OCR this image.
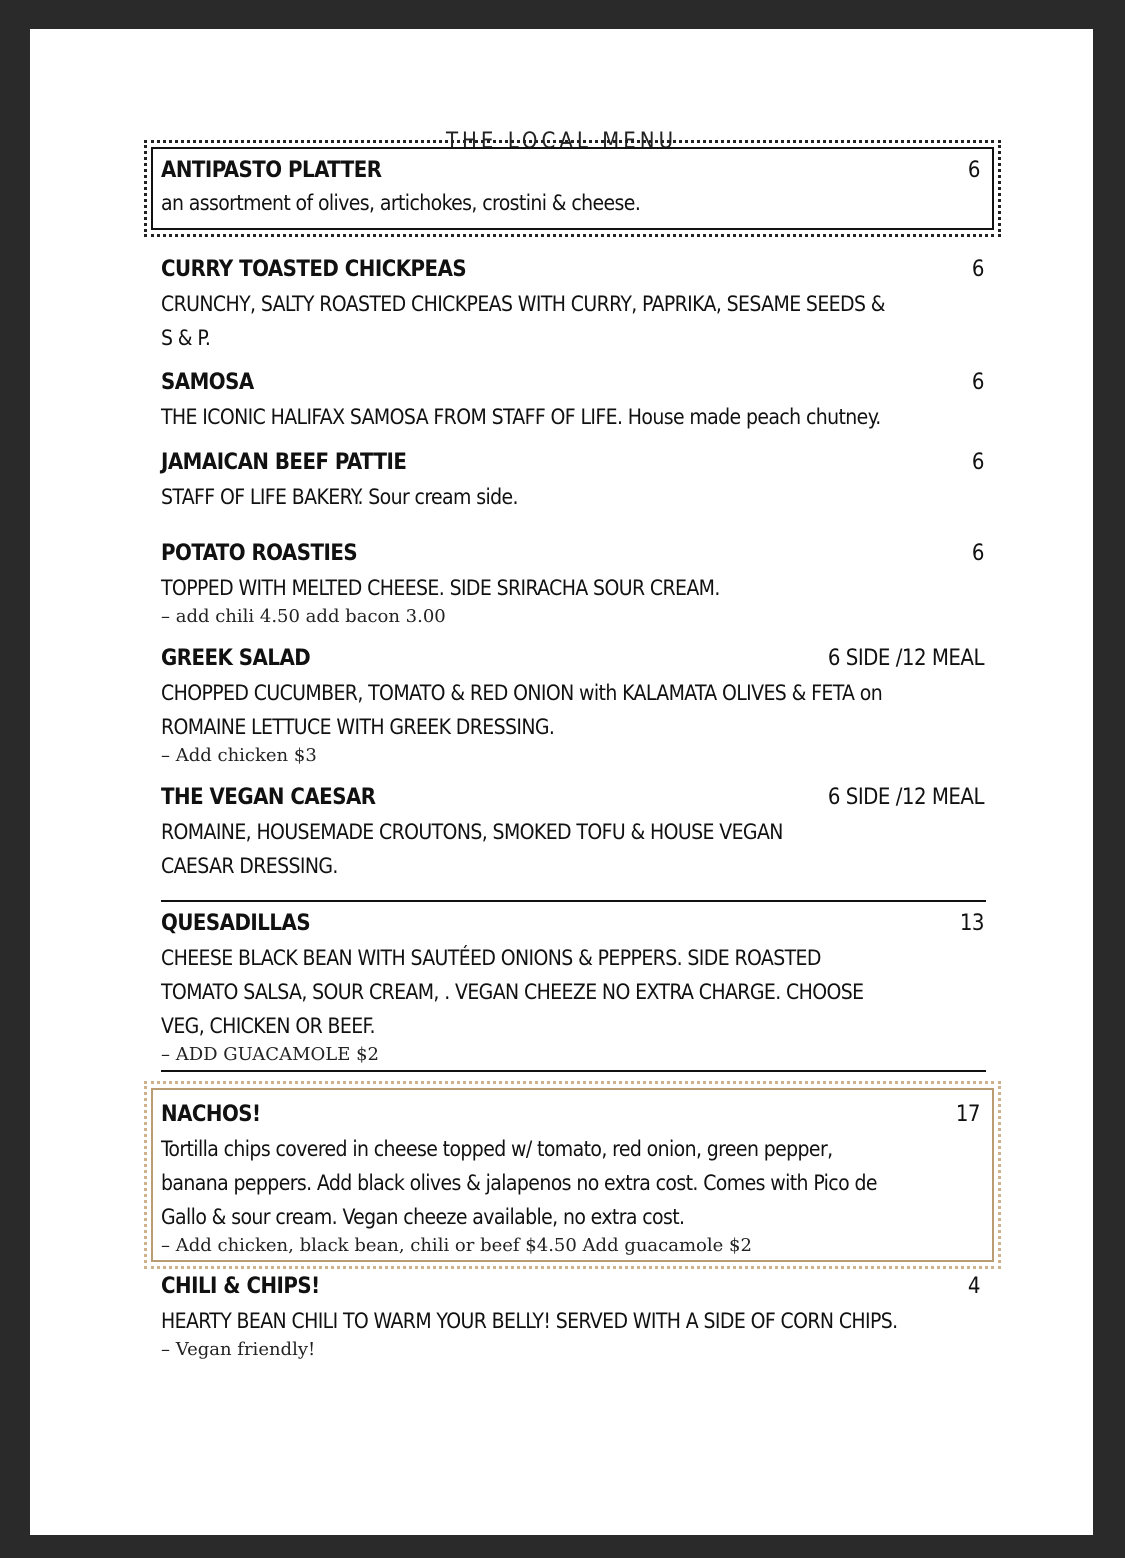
THE LOCAL MENU
ANTIPASTO PLATTER	6
an assortment of olives, artichokes, crostini & cheese.
CURRY TOASTED CHICKPEAS	6
CRUNCHY, SALTY ROASTED CHICKPEAS WITH CURRY, PAPRIKA, SESAME SEEDS & S & P.
SAMOSA	6
THE ICONIC HALIFAX SAMOSA FROM STAFF OF LIFE. House made peach chutney.
JAMAICAN BEEF PATTIE	6
STAFF OF LIFE BAKERY. Sour cream side.
POTATO ROASTIES	6
TOPPED WITH MELTED CHEESE. SIDE SRIRACHA SOUR CREAM.
– add chili 4.50 add bacon 3.00
GREEK SALAD	6 SIDE /12 MEAL
CHOPPED CUCUMBER, TOMATO & RED ONION with KALAMATA OLIVES & FETA on ROMAINE LETTUCE WITH GREEK DRESSING.
– Add chicken $3
THE VEGAN CAESAR	6 SIDE /12 MEAL
ROMAINE, HOUSEMADE CROUTONS, SMOKED TOFU & HOUSE VEGAN CAESAR DRESSING.
QUESADILLAS	13
CHEESE BLACK BEAN WITH SAUTÉED ONIONS & PEPPERS. SIDE ROASTED TOMATO SALSA, SOUR CREAM, . VEGAN CHEEZE NO EXTRA CHARGE. CHOOSE VEG, CHICKEN OR BEEF.
– ADD GUACAMOLE $2
NACHOS!	17
Tortilla chips covered in cheese topped w/ tomato, red onion, green pepper, banana peppers. Add black olives & jalapenos no extra cost. Comes with Pico de Gallo & sour cream. Vegan cheeze available, no extra cost.
– Add chicken, black bean, chili or beef $4.50 Add guacamole $2
CHILI & CHIPS!	4
HEARTY BEAN CHILI TO WARM YOUR BELLY! SERVED WITH A SIDE OF CORN CHIPS.
– Vegan friendly!
